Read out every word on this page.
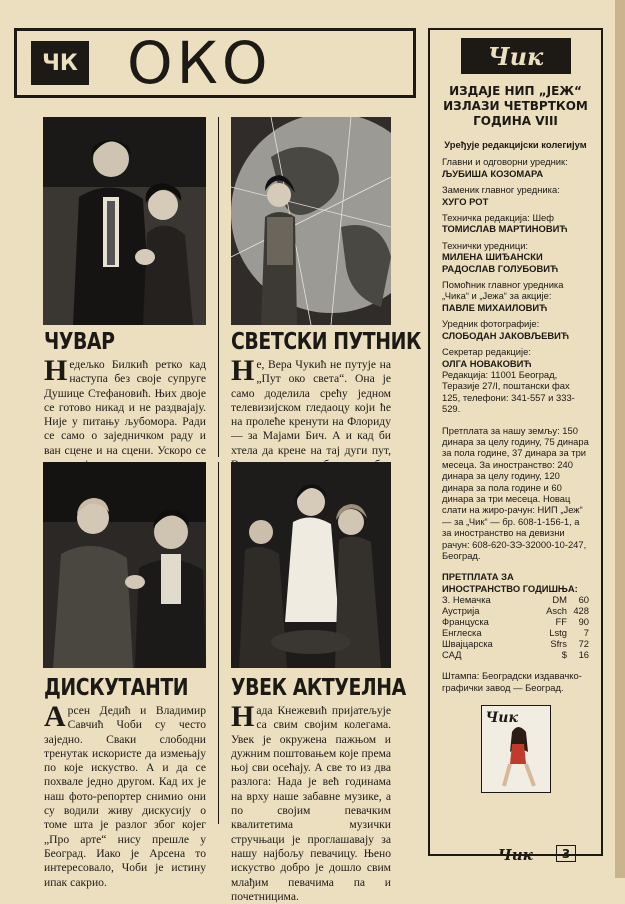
ЧК ОКО
ЧУВАР	СВЕТСКИ ПУТНИК
Недељко Билкић ретко кад наступа без своје супруге Душице Стефановић. Њих двоје се готово никад и не раздвајају. Није у питању љубомора. Ради се само о заједничком раду и ван сцене и на сцени. Ускоро се
Не, Вера Чукић не путује на „Пут око света“. Она је само доделила срећу једном телевизијском гледаоцу који ће на пролеће кренути на Флориду — за Мајами Бич. А и кад би хтела да крене на тај дуги пут,
ДИСКУТАНТИ УВЕК АКТУЕЛНА
Арсен Дедић и Владимир Савчић Чоби су често заједно. Сваки слободни тренутак искористе да измењају по које искуство. А и да се похвале једно другом. Кад их је наш фото-репортер снимио они су водили живу дискусију о томе шта је разлог због којег „Про арте“ нису прешле у Београд. Иако је Арсена то интересовало, Чоби је истину ипак сакрио.
Нада Кнежевић пријатељује са свим својим колегама. Увек је окружена пажњом и дужним поштовањем које према њој сви осећају. А све то из два разлога: Нада је већ годинама на врху наше забавне музике, а по својим певачким квалитетима музички стручњаци је проглашавају за нашу најбољу певачицу. Њено искуство добро је дошло свим млађим певачима па и почетницима.
Чик
ИЗДАЈЕ НИП „ЈЕЖ“ ИЗЛАЗИ ЧЕТВРТКОМ ГОДИНА VIII
Уређује редакцијски колегијум
Главни и одговорни уредник:
ЉУБИША КОЗОМАРА
Заменик главног уредника:
ХУГО РОТ
Техничка редакција: Шеф
ТОМИСЛАВ МАРТИНОВИЋ
Технички уредници:
МИЛЕНА ШИЂАНСКИ РАДОСЛАВ ГОЛУБОВИЋ
Помоћник главног уредника „Чика“ и „Јежа“ за акције:
ПАВЛЕ МИХАИЛОВИЋ
Уредник фотографије:
СЛОБОДАН ЈАКОВЉЕВИЋ
Секретар редакције:
ОЛГА НОВАКОВИЋ
Редакција: 11001 Београд, Теразије 27/I, поштански фах 125, телефони: 341-557 и 333-529.
Претплата за нашу земљу: 150 динара за целу годину, 75 динара за пола године, 37 динара за три месеца. За иностранство: 240 динара за целу годину, 120 динара за пола године и 60 динара за три месеца. Новац слати на жиро-рачун: НИП „Јеж“ — за „Чик“ — бр. 608-1-156-1, а за иностранство на девизни рачун: 608-620-ЗЭ-32000-10-247, Београд.
ПРЕТПЛАТА ЗА ИНОСТРАНСТВО ГОДИШЊА:
З. Немачка	DM	60
Аустрија	Asch	428
Француска	FF	90
Енглеска	Lstg	7
Швајцарска	Sfrs	72
САД	$	16
Штампа: Београдски издавачко-графички завод — Београд.
Чик
Чик	3
